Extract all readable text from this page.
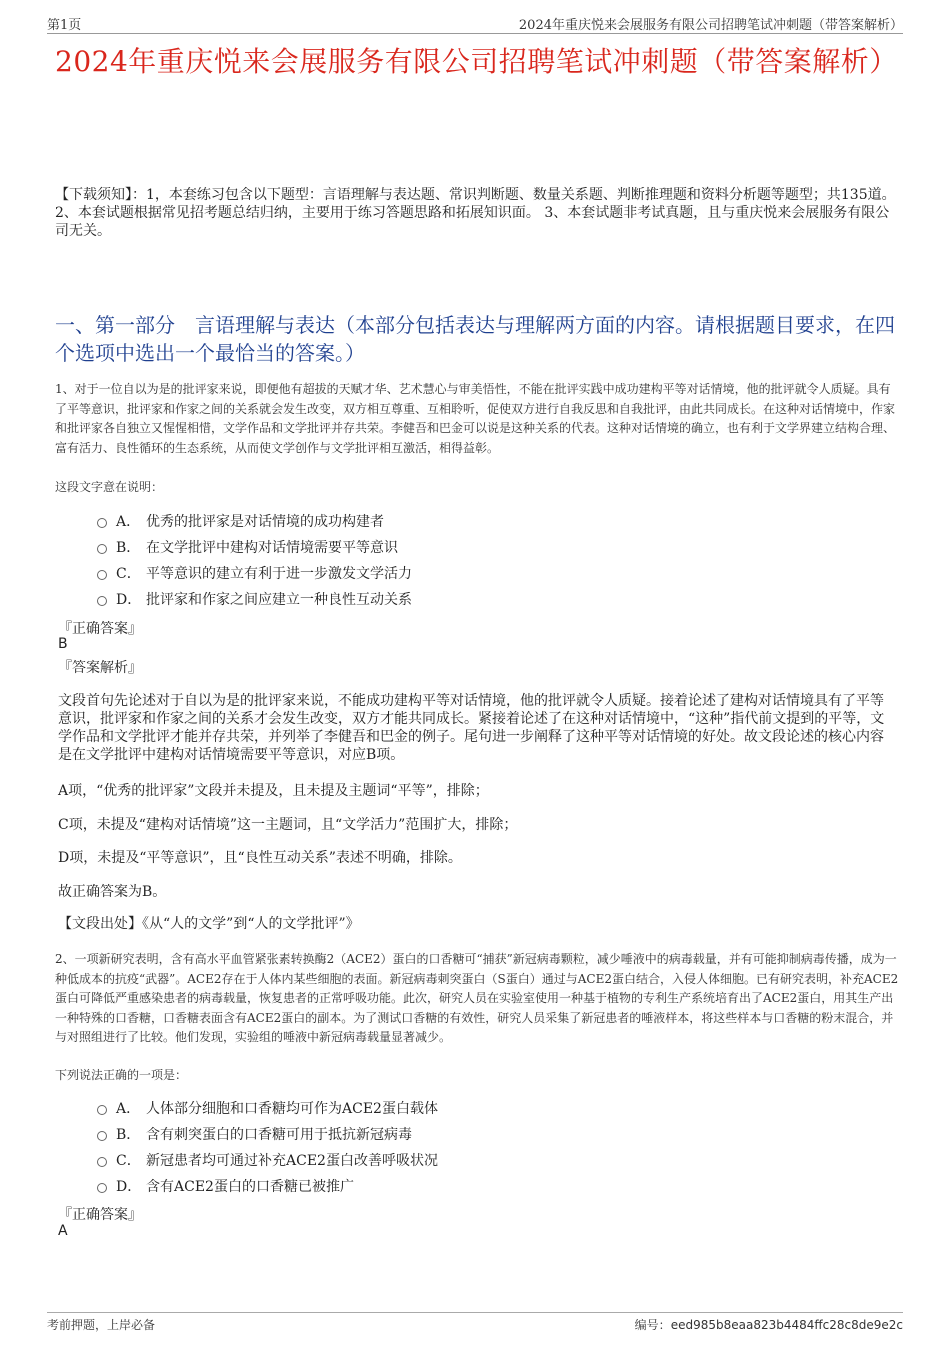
第1页	2024年重庆悦来会展服务有限公司招聘笔试冲刺题（带答案解析）
2024年重庆悦来会展服务有限公司招聘笔试冲刺题（带答案解析）
【下载须知】：1，本套练习包含以下题型：言语理解与表达题、常识判断题、数量关系题、判断推理题和资料分析题等题型；共135道。 2、本套试题根据常见招考题总结归纳，主要用于练习答题思路和拓展知识面。 3、本套试题非考试真题，且与重庆悦来会展服务有限公司无关。
一、第一部分　言语理解与表达（本部分包括表达与理解两方面的内容。请根据题目要求，在四个选项中选出一个最恰当的答案。）
1、对于一位自以为是的批评家来说，即便他有超拔的天赋才华、艺术慧心与审美悟性，不能在批评实践中成功建构平等对话情境，他的批评就令人质疑。具有了平等意识，批评家和作家之间的关系就会发生改变，双方相互尊重、互相聆听，促使双方进行自我反思和自我批评，由此共同成长。在这种对话情境中，作家和批评家各自独立又惺惺相惜，文学作品和文学批评并存共荣。李健吾和巴金可以说是这种关系的代表。这种对话情境的确立，也有利于文学界建立结构合理、富有活力、良性循环的生态系统，从而使文学创作与文学批评相互激活，相得益彰。
这段文字意在说明：
A． 优秀的批评家是对话情境的成功构建者
B． 在文学批评中建构对话情境需要平等意识
C． 平等意识的建立有利于进一步激发文学活力
D． 批评家和作家之间应建立一种良性互动关系
『正确答案』
B
『答案解析』
文段首句先论述对于自以为是的批评家来说，不能成功建构平等对话情境，他的批评就令人质疑。接着论述了建构对话情境具有了平等意识，批评家和作家之间的关系才会发生改变，双方才能共同成长。紧接着论述了在这种对话情境中，“这种”指代前文提到的平等，文学作品和文学批评才能并存共荣，并列举了李健吾和巴金的例子。尾句进一步阐释了这种平等对话情境的好处。故文段论述的核心内容是在文学批评中建构对话情境需要平等意识，对应B项。
A项，“优秀的批评家”文段并未提及，且未提及主题词“平等”，排除；
C项，未提及“建构对话情境”这一主题词，且“文学活力”范围扩大，排除；
D项，未提及“平等意识”，且“良性互动关系”表述不明确，排除。
故正确答案为B。
【文段出处】《从“人的文学”到“人的文学批评”》
2、一项新研究表明，含有高水平血管紧张素转换酶2（ACE2）蛋白的口香糖可“捕获”新冠病毒颗粒，减少唾液中的病毒载量，并有可能抑制病毒传播，成为一种低成本的抗疫“武器”。ACE2存在于人体内某些细胞的表面。新冠病毒刺突蛋白（S蛋白）通过与ACE2蛋白结合，入侵人体细胞。已有研究表明，补充ACE2蛋白可降低严重感染患者的病毒载量，恢复患者的正常呼吸功能。此次，研究人员在实验室使用一种基于植物的专利生产系统培育出了ACE2蛋白，用其生产出一种特殊的口香糖，口香糖表面含有ACE2蛋白的副本。为了测试口香糖的有效性，研究人员采集了新冠患者的唾液样本，将这些样本与口香糖的粉末混合，并与对照组进行了比较。他们发现，实验组的唾液中新冠病毒载量显著减少。
下列说法正确的一项是：
A． 人体部分细胞和口香糖均可作为ACE2蛋白载体
B． 含有刺突蛋白的口香糖可用于抵抗新冠病毒
C． 新冠患者均可通过补充ACE2蛋白改善呼吸状况
D． 含有ACE2蛋白的口香糖已被推广
『正确答案』
A
考前押题，上岸必备	编号：eed985b8eaa823b4484ffc28c8de9e2c
